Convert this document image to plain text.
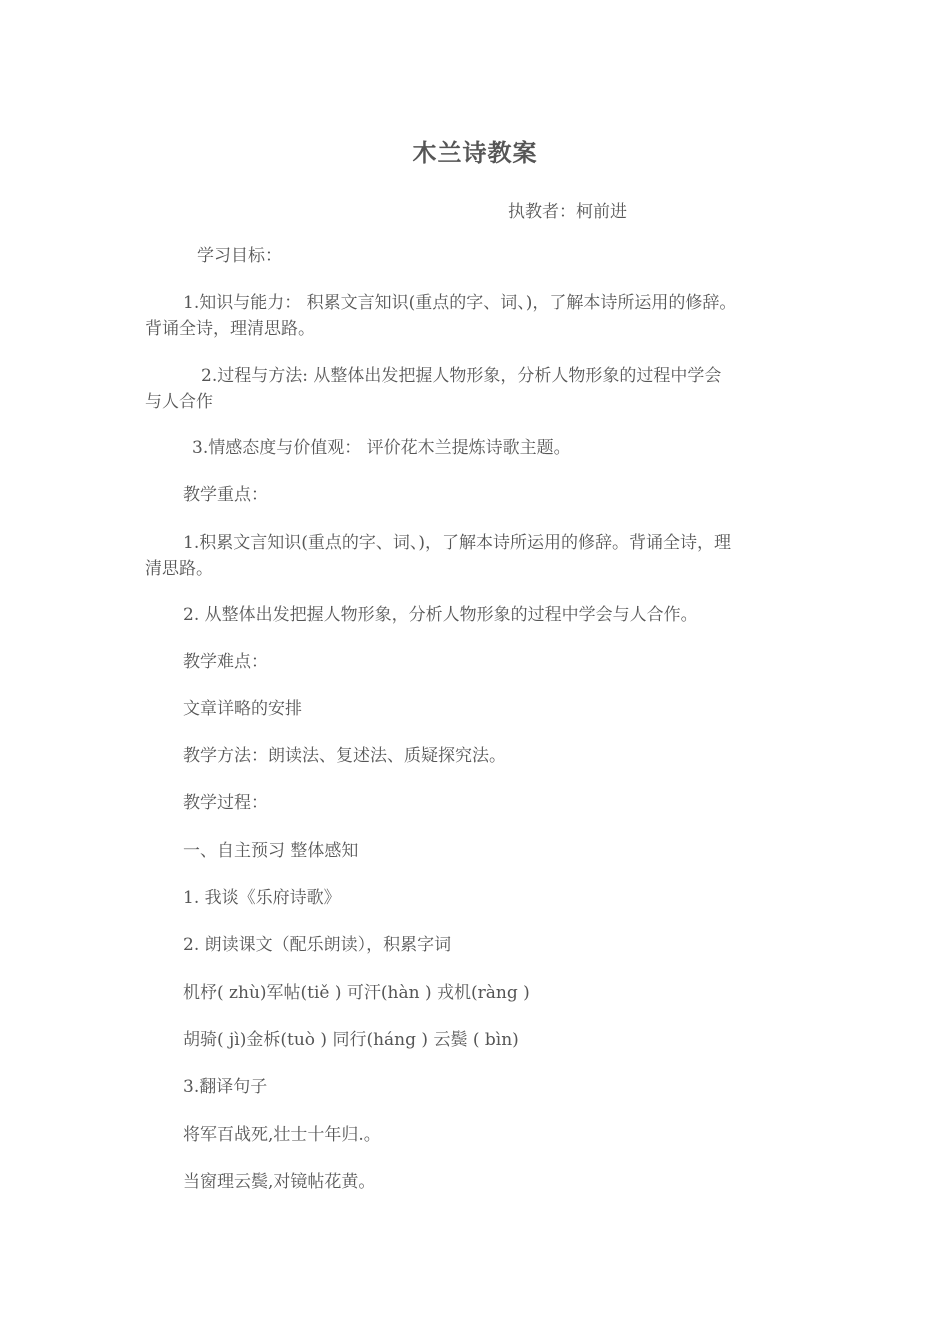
木兰诗教案
执教者：柯前进
学习目标：
1.知识与能力： 积累文言知识(重点的字、词、)，了解本诗所运用的修辞。
背诵全诗，理清思路。
2.过程与方法: 从整体出发把握人物形象，分析人物形象的过程中学会
与人合作
3.情感态度与价值观： 评价花木兰提炼诗歌主题。
教学重点：
1.积累文言知识(重点的字、词、)，了解本诗所运用的修辞。背诵全诗，理
清思路。
2. 从整体出发把握人物形象，分析人物形象的过程中学会与人合作。
教学难点：
文章详略的安排
教学方法：朗读法、复述法、质疑探究法。
教学过程：
一、自主预习 整体感知
1. 我谈《乐府诗歌》
2. 朗读课文（配乐朗读），积累字词
机杼( zhù)军帖(tiě ) 可汗(hàn ) 戎机(ràng )
胡骑( jì)金柝(tuò ) 同行(háng ) 云鬓 ( bìn)
3.翻译句子
将军百战死,壮士十年归.。
当窗理云鬓,对镜帖花黄。
